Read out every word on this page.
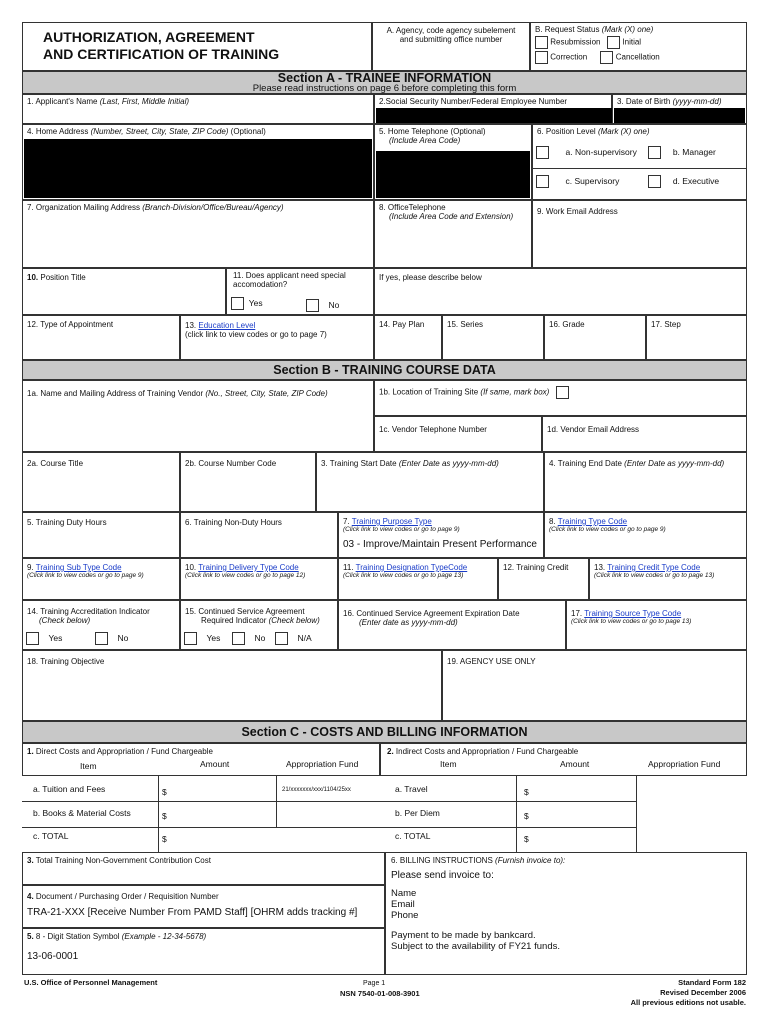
AUTHORIZATION, AGREEMENT
AND CERTIFICATION OF TRAINING
A. Agency, code agency subelement and submitting office number
B. Request Status (Mark (X) one)
Resubmission	Initial
Correction	Cancellation
Section A - TRAINEE INFORMATION
Please read instructions on page 6 before completing this form
1. Applicant's Name (Last, First, Middle Initial)	2.Social Security Number/Federal Employee Number	3. Date of Birth (yyyy-mm-dd)
4. Home Address (Number, Street, City, State, ZIP Code) (Optional)	5. Home Telephone (Optional)
(Include Area Code)
6. Position Level (Mark (X) one)
a. Non-supervisory	b. Manager
c. Supervisory	d. Executive
7. Organization Mailing Address (Branch-Division/Office/Bureau/Agency)	8. OfficeTelephone
(Include Area Code and Extension)
9. Work Email Address
10. Position Title	11. Does applicant need special accomodation?
Yes	No
If yes, please describe below
12. Type of Appointment	13. Education Level
(click link to view codes or go to page 7)
14. Pay Plan	15. Series	16. Grade	17. Step
Section B - TRAINING COURSE DATA
1a. Name and Mailing Address of Training Vendor (No., Street, City, State, ZIP Code)	1b. Location of Training Site (If same, mark box)
1c. Vendor Telephone Number	1d. Vendor Email Address
2a. Course Title	2b. Course Number Code	3. Training Start Date (Enter Date as yyyy-mm-dd)	4. Training End Date (Enter Date as yyyy-mm-dd)
5. Training Duty Hours	6. Training Non-Duty Hours	7. Training Purpose Type
(Click link to view codes or go to page 9)
03 - Improve/Maintain Present Performance
8. Training Type Code
(Click link to view codes or go to page 9)
9. Training Sub Type Code
(Click link to view codes or go to page 9)
10. Training Delivery Type Code
(Click link to view codes or go to page 12)
11. Training Designation TypeCode
(Click link to view codes or go to page 13)
12. Training Credit	13. Training Credit Type Code
(Click link to view codes or go to page 13)
14. Training Accreditation Indicator
(Check below)
Yes	No
15. Continued Service Agreement
Required Indicator (Check below)
Yes	No	N/A
16. Continued Service Agreement Expiration Date
(Enter date as yyyy-mm-dd)
17. Training Source Type Code
(Click link to view codes or go to page 13)
18. Training Objective	19. AGENCY USE ONLY
Section C - COSTS AND BILLING INFORMATION
1. Direct Costs and Appropriation / Fund Chargeable
Item	Amount	Appropriation Fund
a. Tuition and Fees	$	21/xxxxxxx/xxx/1104/25xx
b. Books & Material Costs	$
c. TOTAL	$
2. Indirect Costs and Appropriation / Fund Chargeable
Item	Amount	Appropriation Fund
a. Travel	$
b. Per Diem	$
c. TOTAL	$
3. Total Training Non-Government Contribution Cost
4. Document / Purchasing Order / Requisition Number
TRA-21-XXX [Receive Number From PAMD Staff] [OHRM adds tracking #]
5. 8 - Digit Station Symbol (Example - 12-34-5678)
13-06-0001
6. BILLING INSTRUCTIONS (Furnish invoice to):
Please send invoice to:
Name
Email
Phone
Payment to be made by bankcard.
Subject to the availability of FY21 funds.
U.S. Office of Personnel Management	Page 1
NSN 7540-01-008-3901
Standard Form 182
Revised December 2006
All previous editions not usable.
